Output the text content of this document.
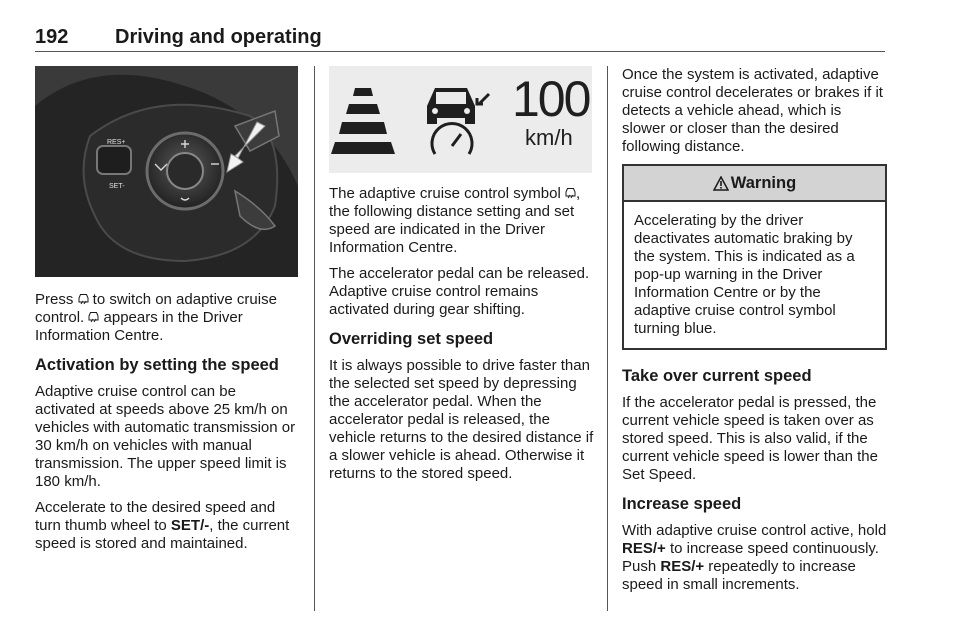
192 Driving and operating
RES+
SET-

Press  to switch on adaptive cruise control.  appears in the Driver Information Centre.

Activation by setting the speed

Adaptive cruise control can be activated at speeds above 25 km/h on vehicles with automatic transmission or 30 km/h on vehicles with manual transmission. The upper speed limit is 180 km/h.

Accelerate to the desired speed and turn thumb wheel to SET/-, the current speed is stored and maintained.

100
km/h

The adaptive cruise control symbol , the following distance setting and set speed are indicated in the Driver Information Centre.

The accelerator pedal can be released. Adaptive cruise control remains activated during gear shifting.

Overriding set speed

It is always possible to drive faster than the selected set speed by depressing the accelerator pedal. When the accelerator pedal is released, the vehicle returns to the desired distance if a slower vehicle is ahead. Otherwise it returns to the stored speed.

Once the system is activated, adaptive cruise control decelerates or brakes if it detects a vehicle ahead, which is slower or closer than the desired following distance.

Warning
Accelerating by the driver deactivates automatic braking by the system. This is indicated as a pop-up warning in the Driver Information Centre or by the adaptive cruise control symbol turning blue.
Take over current speed

If the accelerator pedal is pressed, the current vehicle speed is taken over as stored speed. This is also valid, if the current vehicle speed is lower than the Set Speed.

Increase speed

With adaptive cruise control active, hold RES/+ to increase speed continuously. Push RES/+ repeatedly to increase speed in small increments.
